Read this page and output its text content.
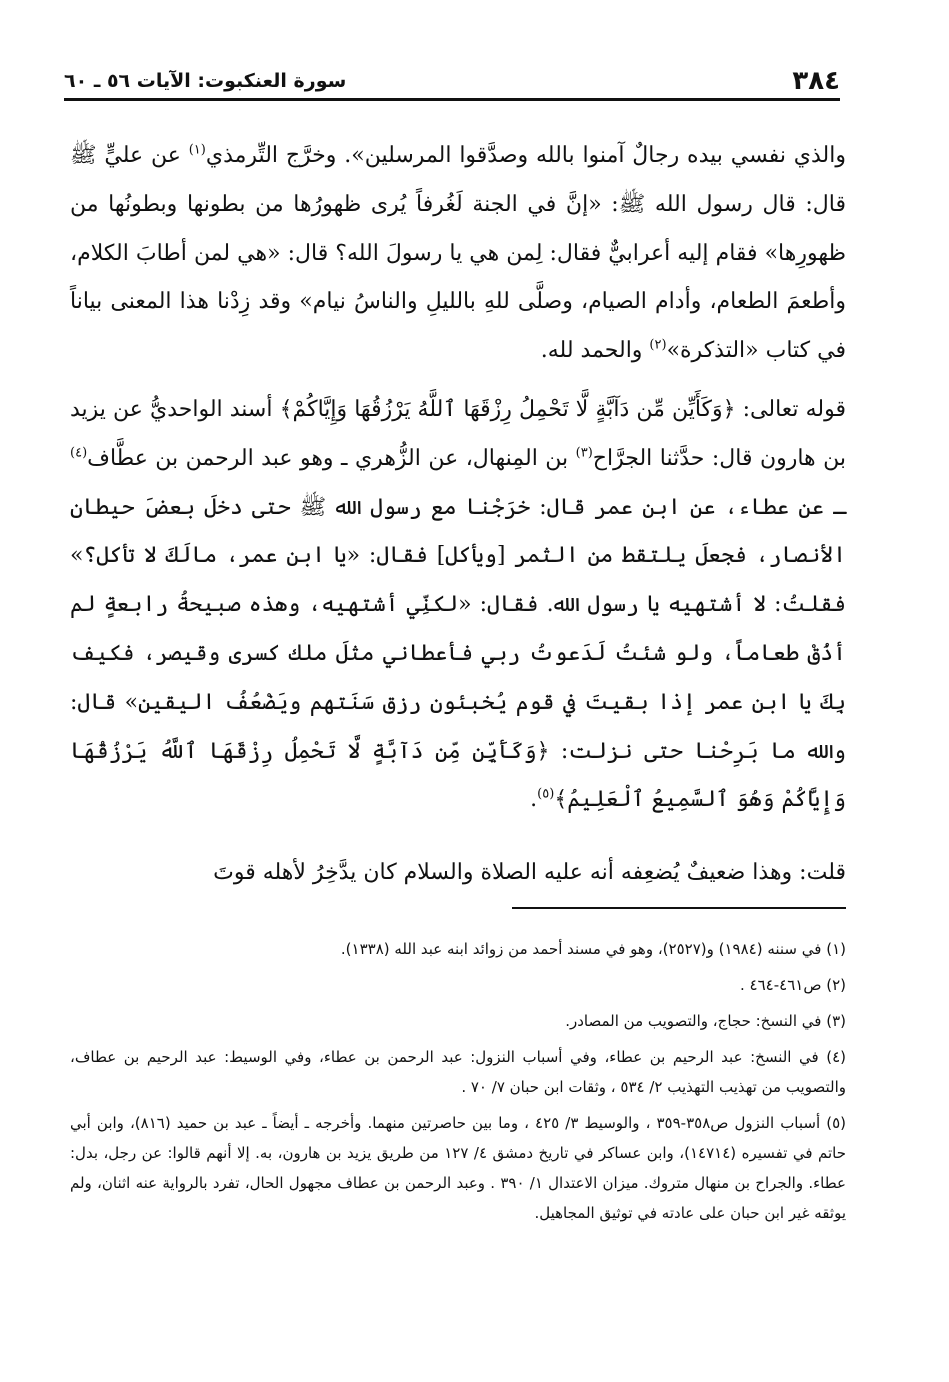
٣٨٤
سورة العنكبوت: الآيات ٥٦ ـ ٦٠

والذي نفسي بيده رجالٌ آمنوا بالله وصدَّقوا المرسلين». وخرَّج التِّرمذي$^{(١)}$ عن عليٍّ ﷺ قال: قال رسول الله ﷺ: «إنَّ في الجنة لَغُرفاً يُرى ظهورُها من بطونها وبطونُها من ظهورِها» فقام إليه أعرابيٌّ فقال: لِمن هي يا رسولَ الله؟ قال: «هي لمن أطابَ الكلام، وأطعمَ الطعام، وأدام الصيام، وصلَّى للهِ بالليلِ والناسُ نيام» وقد زِدْنا هذا المعنى بياناً في كتاب «التذكرة»$^{(٢)}$ والحمد لله.

قوله تعالى: ﴿وَكَأَيِّن مِّن دَآبَّةٍ لَّا تَحْمِلُ رِزْقَهَا ٱللَّهُ يَرْزُقُهَا وَإِيَّاكُمْ﴾ أسند الواحديُّ عن يزيد بن هارون قال: حدَّثنا الجرَّاح$^{(٣)}$ بن المِنهال، عن الزُّهري ـ وهو عبد الرحمن بن عطَّاف$^{(٤)}$ ـ عن عطاء، عن ابن عمر قال: خرَجْنا مع رسول الله ﷺ حتى دخلَ بعضَ حيطان الأنصار، فجعلَ يلتقط من الثمر [ويأكل] فقال: «يا ابن عمر، مالَكَ لا تأكل؟» فقلتُ: لا أشتهيه يا رسول الله. فقال: «لكنِّي أشتهيه، وهذه صبيحةُ رابعةٍ لم أذُقْ طعاماً، ولو شئتُ لَدَعوتُ ربي فأعطاني مثلَ ملك كسرى وقيصر، فكيف بِكَ يا ابن عمر إذا بقيتَ في قوم يُخبئون رزق سَنَتهم ويَضْعُفُ اليقين» قال: والله ما بَرِحْنا حتى نزلت: ﴿وَكَأَيِّن مِّن دَآبَّةٍ لَّا تَحْمِلُ رِزْقَهَا ٱللَّهُ يَرْزُقُهَا وَإِيَّاكُمْ وَهُوَ ٱلسَّمِيعُ ٱلْعَلِيمُ﴾$^{(٥)}$.

قلت: وهذا ضعيفٌ يُضعِفه أنه عليه الصلاة والسلام كان يدَّخِرُ لأهله قوتَ

(١) في سننه (١٩٨٤) و(٢٥٢٧)، وهو في مسند أحمد من زوائد ابنه عبد الله (١٣٣٨).

(٢) ص٤٦١-٤٦٤ .

(٣) في النسخ: حجاج، والتصويب من المصادر.

(٤) في النسخ: عبد الرحيم بن عطاء، وفي أسباب النزول: عبد الرحمن بن عطاء، وفي الوسيط: عبد الرحيم بن عطاف، والتصويب من تهذيب التهذيب ٢/ ٥٣٤ ، وثقات ابن حبان ٧/ ٧٠ .

(٥) أسباب النزول ص٣٥٨-٣٥٩ ، والوسيط ٣/ ٤٢٥ ، وما بين حاصرتين منهما. وأخرجه ـ أيضاً ـ عبد بن حميد (٨١٦)، وابن أبي حاتم في تفسيره (١٤٧١٤)، وابن عساكر في تاريخ دمشق ٤/ ١٢٧ من طريق يزيد بن هارون، به. إلا أنهم قالوا: عن رجل، بدل: عطاء. والجراح بن منهال متروك. ميزان الاعتدال ١/ ٣٩٠ . وعبد الرحمن بن عطاف مجهول الحال، تفرد بالرواية عنه اثنان، ولم يوثقه غير ابن حبان على عادته في توثيق المجاهيل.
